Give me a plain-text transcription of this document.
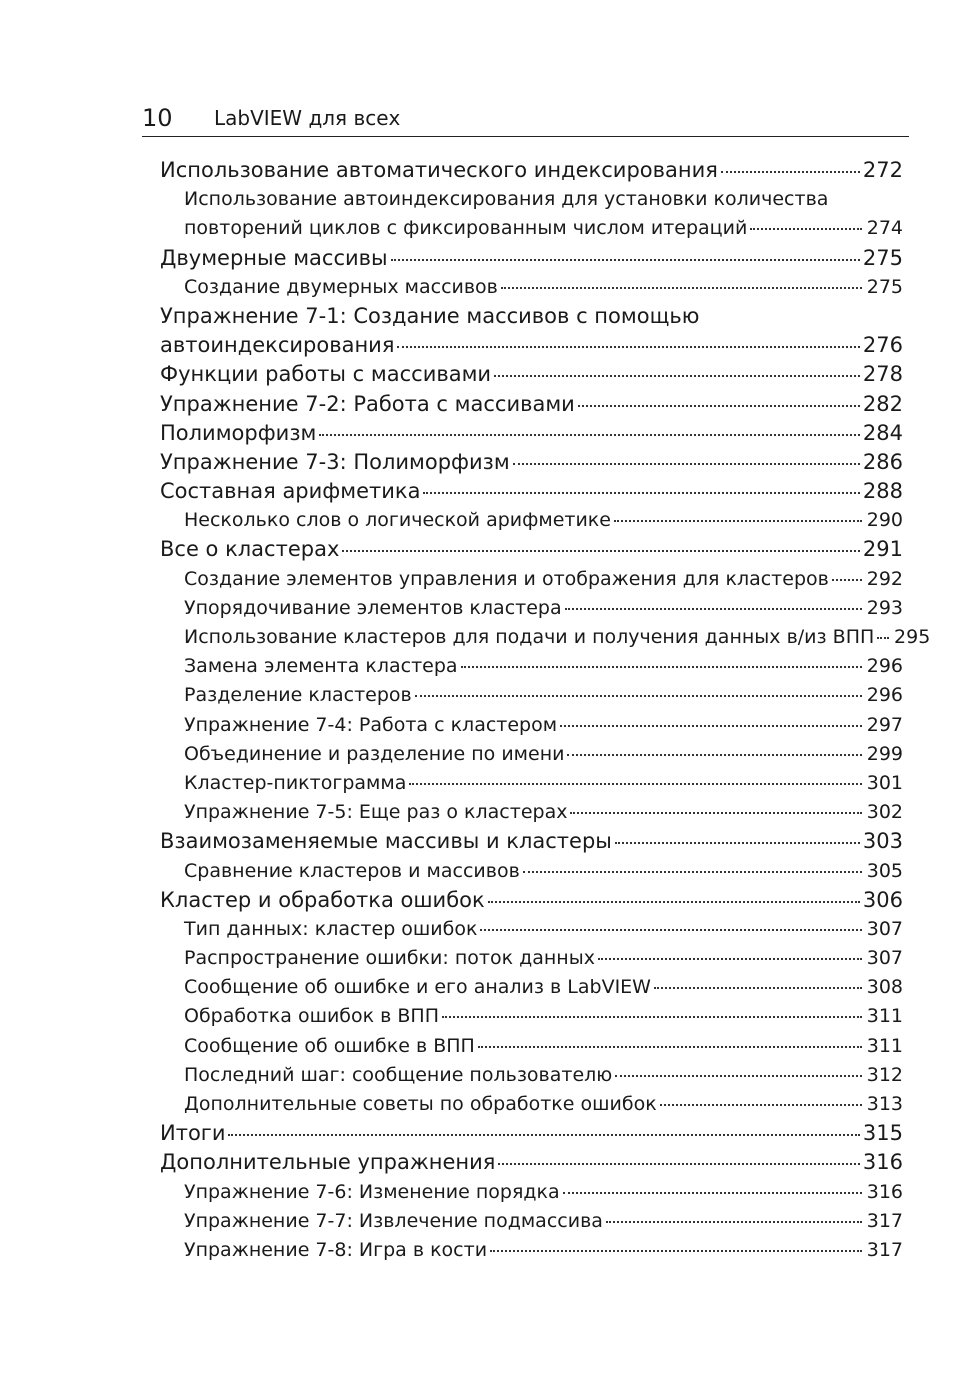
10 LabVIEW для всех
Использование автоматического индексирования	272
Использование автоиндексирования для установки количества
повторений циклов с фиксированным числом итераций	274
Двумерные массивы	275
Создание двумерных массивов	275
Упражнение 7-1: Создание массивов с помощью
автоиндексирования	276
Функции работы с массивами	278
Упражнение 7-2: Работа с массивами	282
Полиморфизм	284
Упражнение 7-3: Полиморфизм	286
Составная арифметика	288
Несколько слов о логической арифметике	290
Все о кластерах	291
Создание элементов управления и отображения для кластеров 292
Упорядочивание элементов кластера	293
Использование кластеров для подачи и получения данных в/из ВПП 295
Замена элемента кластера	296
Разделение кластеров	296
Упражнение 7-4: Работа с кластером	297
Объединение и разделение по имени	299
Кластер-пиктограмма	301
Упражнение 7-5: Еще раз о кластерах	302
Взаимозаменяемые массивы и кластеры	303
Сравнение кластеров и массивов	305
Кластер и обработка ошибок	306
Тип данных: кластер ошибок	307
Распространение ошибки: поток данных	307
Сообщение об ошибке и его анализ в LabVIEW	308
Обработка ошибок в ВПП	311
Сообщение об ошибке в ВПП	311
Последний шаг: сообщение пользователю	312
Дополнительные советы по обработке ошибок	313
Итоги	315
Дополнительные упражнения	316
Упражнение 7-6: Изменение порядка	316
Упражнение 7-7: Извлечение подмассива	317
Упражнение 7-8: Игра в кости	317
